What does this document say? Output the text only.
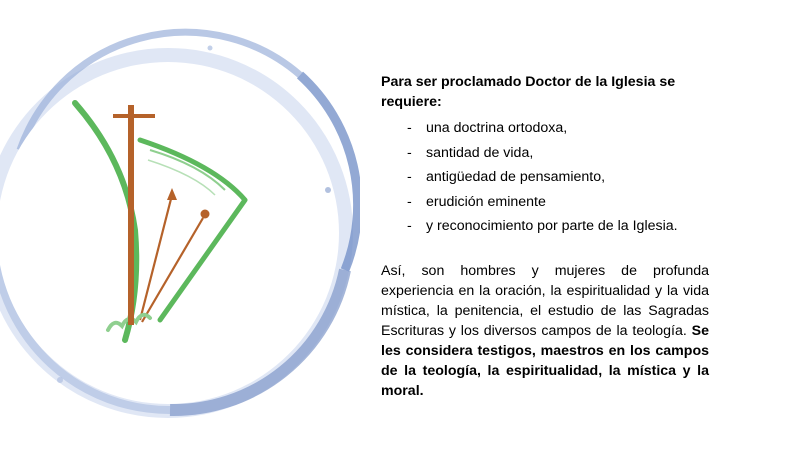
Para ser proclamado Doctor de la Iglesia se requiere:
- una doctrina ortodoxa,
- santidad de vida,
- antigüedad de pensamiento,
- erudición eminente
- y reconocimiento por parte de la Iglesia.
Así, son hombres y mujeres de profunda experiencia en la oración, la espiritualidad y la vida mística, la penitencia, el estudio de las Sagradas Escrituras y los diversos campos de la teología. Se les considera testigos, maestros en los campos de la teología, la espiritualidad, la mística y la moral.
